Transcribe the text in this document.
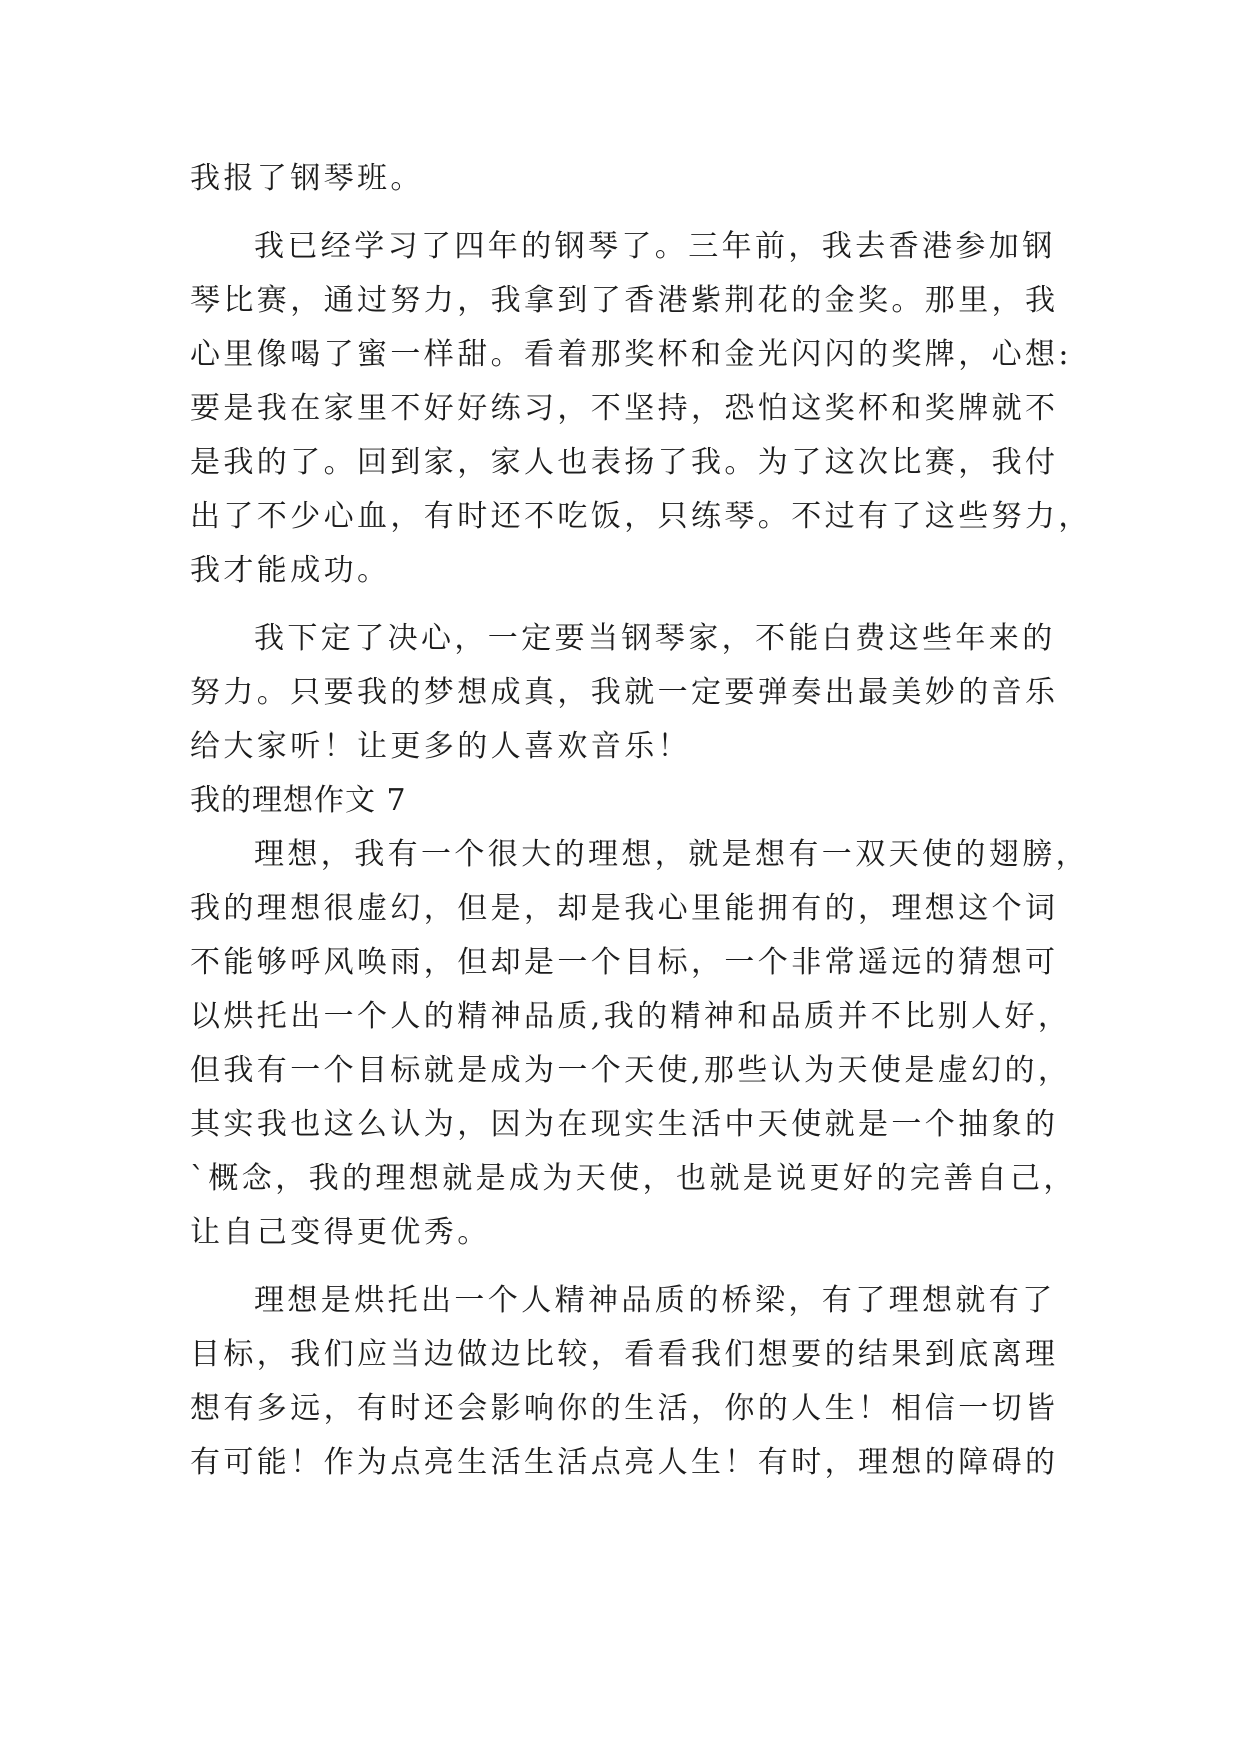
我报了钢琴班。
我已经学习了四年的钢琴了。三年前，我去香港参加钢
琴比赛，通过努力，我拿到了香港紫荆花的金奖。那里，我
心里像喝了蜜一样甜。看着那奖杯和金光闪闪的奖牌，心想:
要是我在家里不好好练习，不坚持，恐怕这奖杯和奖牌就不
是我的了。回到家，家人也表扬了我。为了这次比赛，我付
出了不少心血，有时还不吃饭，只练琴。不过有了这些努力，
我才能成功。
我下定了决心，一定要当钢琴家，不能白费这些年来的
努力。只要我的梦想成真，我就一定要弹奏出最美妙的音乐
给大家听！让更多的人喜欢音乐！
我的理想作文 7
理想，我有一个很大的理想，就是想有一双天使的翅膀，
我的理想很虚幻，但是，却是我心里能拥有的，理想这个词
不能够呼风唤雨，但却是一个目标，一个非常遥远的猜想可
以烘托出一个人的精神品质,我的精神和品质并不比别人好，
但我有一个目标就是成为一个天使,那些认为天使是虚幻的，
其实我也这么认为，因为在现实生活中天使就是一个抽象的
`概念，我的理想就是成为天使，也就是说更好的完善自己，
让自己变得更优秀。
理想是烘托出一个人精神品质的桥梁，有了理想就有了
目标，我们应当边做边比较，看看我们想要的结果到底离理
想有多远，有时还会影响你的生活，你的人生！相信一切皆
有可能！作为点亮生活生活点亮人生！有时，理想的障碍的
